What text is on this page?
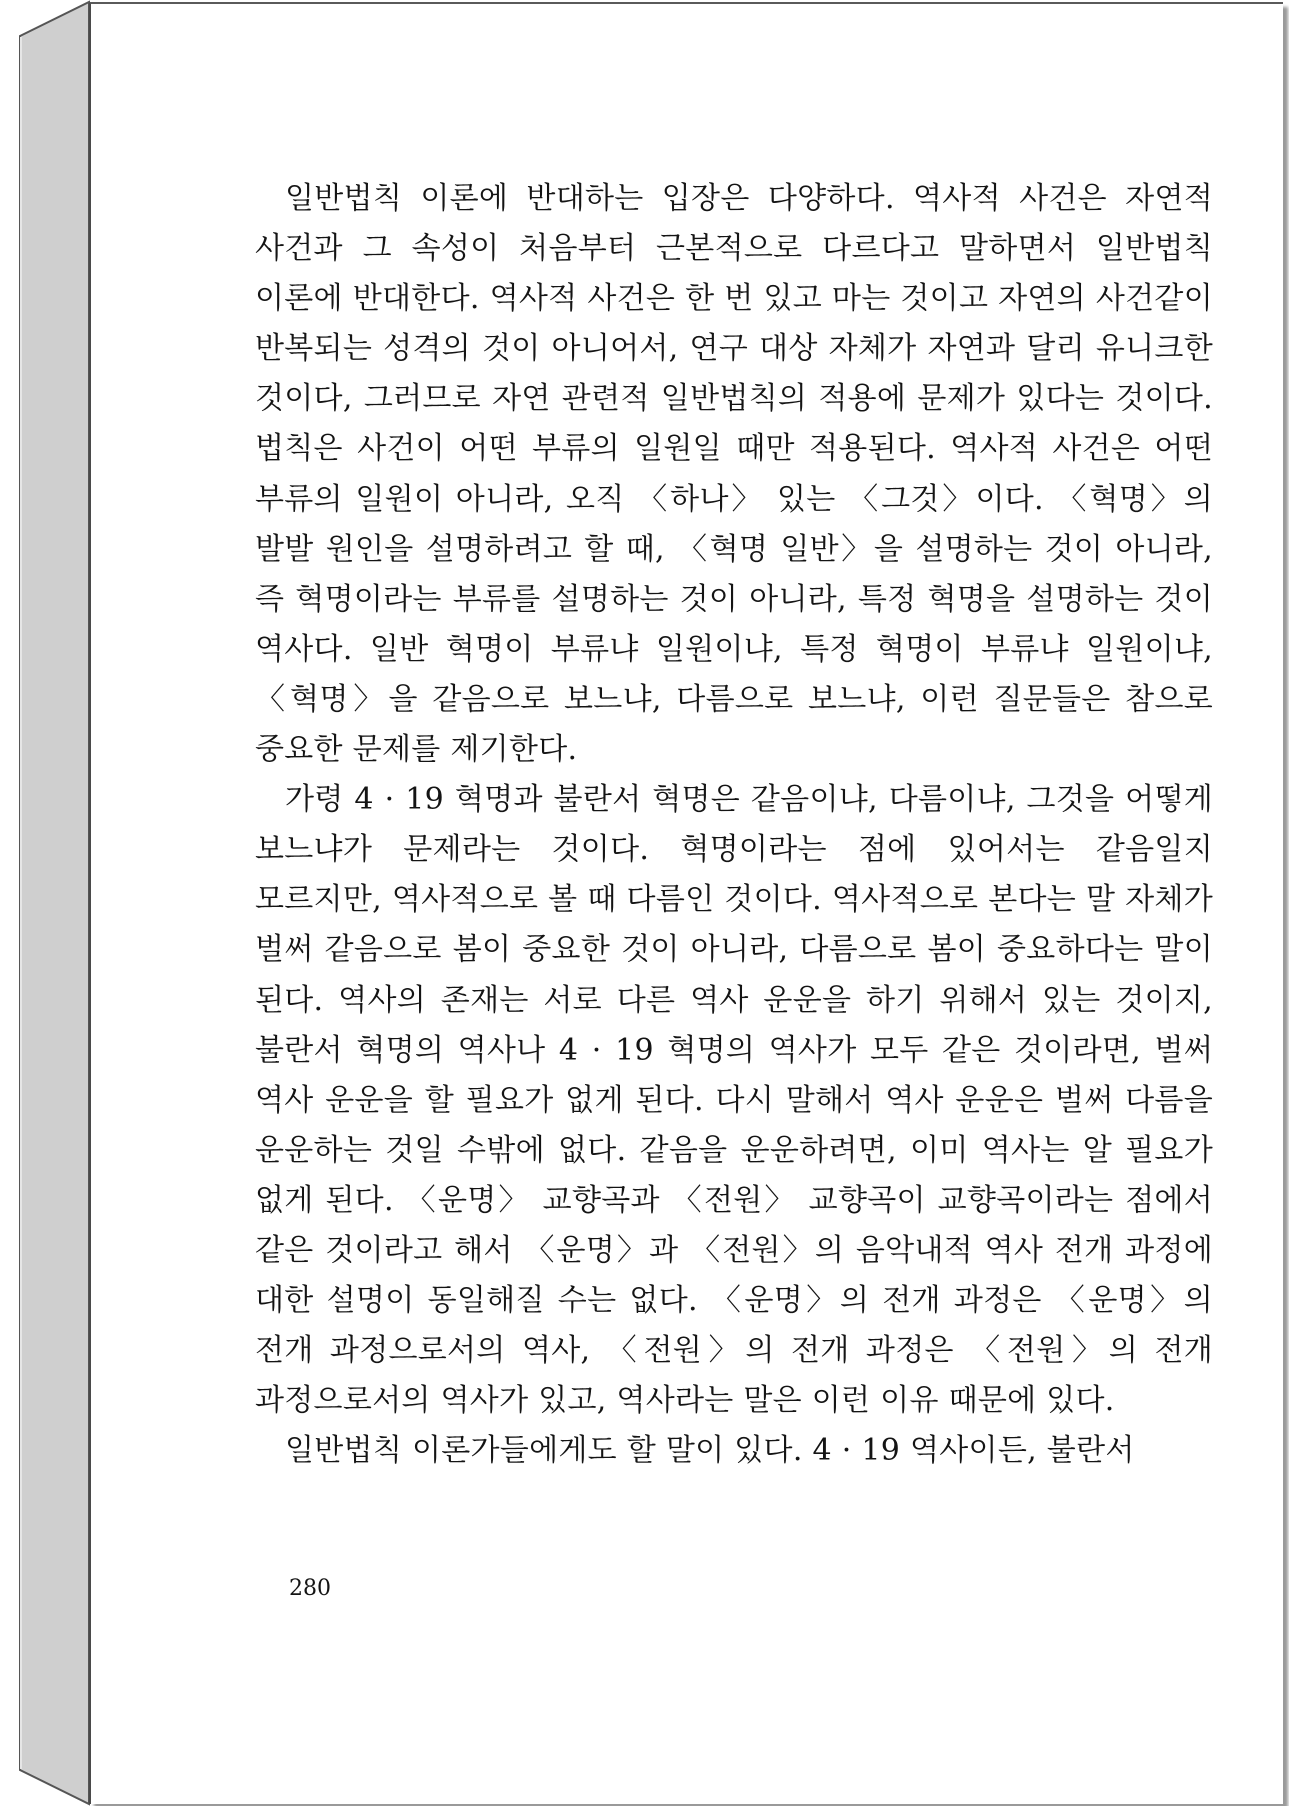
일반법칙 이론에 반대하는 입장은 다양하다. 역사적 사건은 자연적 사건과 그 속성이 처음부터 근본적으로 다르다고 말하면서 일반법칙 이론에 반대한다. 역사적 사건은 한 번 있고 마는 것이고 자연의 사건같이 반복되는 성격의 것이 아니어서, 연구 대상 자체가 자연과 달리 유니크한 것이다, 그러므로 자연 관련적 일반법칙의 적용에 문제가 있다는 것이다. 법칙은 사건이 어떤 부류의 일원일 때만 적용된다. 역사적 사건은 어떤 부류의 일원이 아니라, 오직 〈하나〉 있는 〈그것〉이다. 〈혁명〉의 발발 원인을 설명하려고 할 때, 〈혁명 일반〉을 설명하는 것이 아니라, 즉 혁명이라는 부류를 설명하는 것이 아니라, 특정 혁명을 설명하는 것이 역사다. 일반 혁명이 부류냐 일원이냐, 특정 혁명이 부류냐 일원이냐, 〈혁명〉을 같음으로 보느냐, 다름으로 보느냐, 이런 질문들은 참으로 중요한 문제를 제기한다.

가령 4 · 19 혁명과 불란서 혁명은 같음이냐, 다름이냐, 그것을 어떻게 보느냐가 문제라는 것이다. 혁명이라는 점에 있어서는 같음일지 모르지만, 역사적으로 볼 때 다름인 것이다. 역사적으로 본다는 말 자체가 벌써 같음으로 봄이 중요한 것이 아니라, 다름으로 봄이 중요하다는 말이 된다. 역사의 존재는 서로 다른 역사 운운을 하기 위해서 있는 것이지, 불란서 혁명의 역사나 4 · 19 혁명의 역사가 모두 같은 것이라면, 벌써 역사 운운을 할 필요가 없게 된다. 다시 말해서 역사 운운은 벌써 다름을 운운하는 것일 수밖에 없다. 같음을 운운하려면, 이미 역사는 알 필요가 없게 된다. 〈운명〉 교향곡과 〈전원〉 교향곡이 교향곡이라는 점에서 같은 것이라고 해서 〈운명〉과 〈전원〉의 음악내적 역사 전개 과정에 대한 설명이 동일해질 수는 없다. 〈운명〉의 전개 과정은 〈운명〉의 전개 과정으로서의 역사, 〈전원〉의 전개 과정은 〈전원〉의 전개 과정으로서의 역사가 있고, 역사라는 말은 이런 이유 때문에 있다.

일반법칙 이론가들에게도 할 말이 있다. 4 · 19 역사이든, 불란서

280
